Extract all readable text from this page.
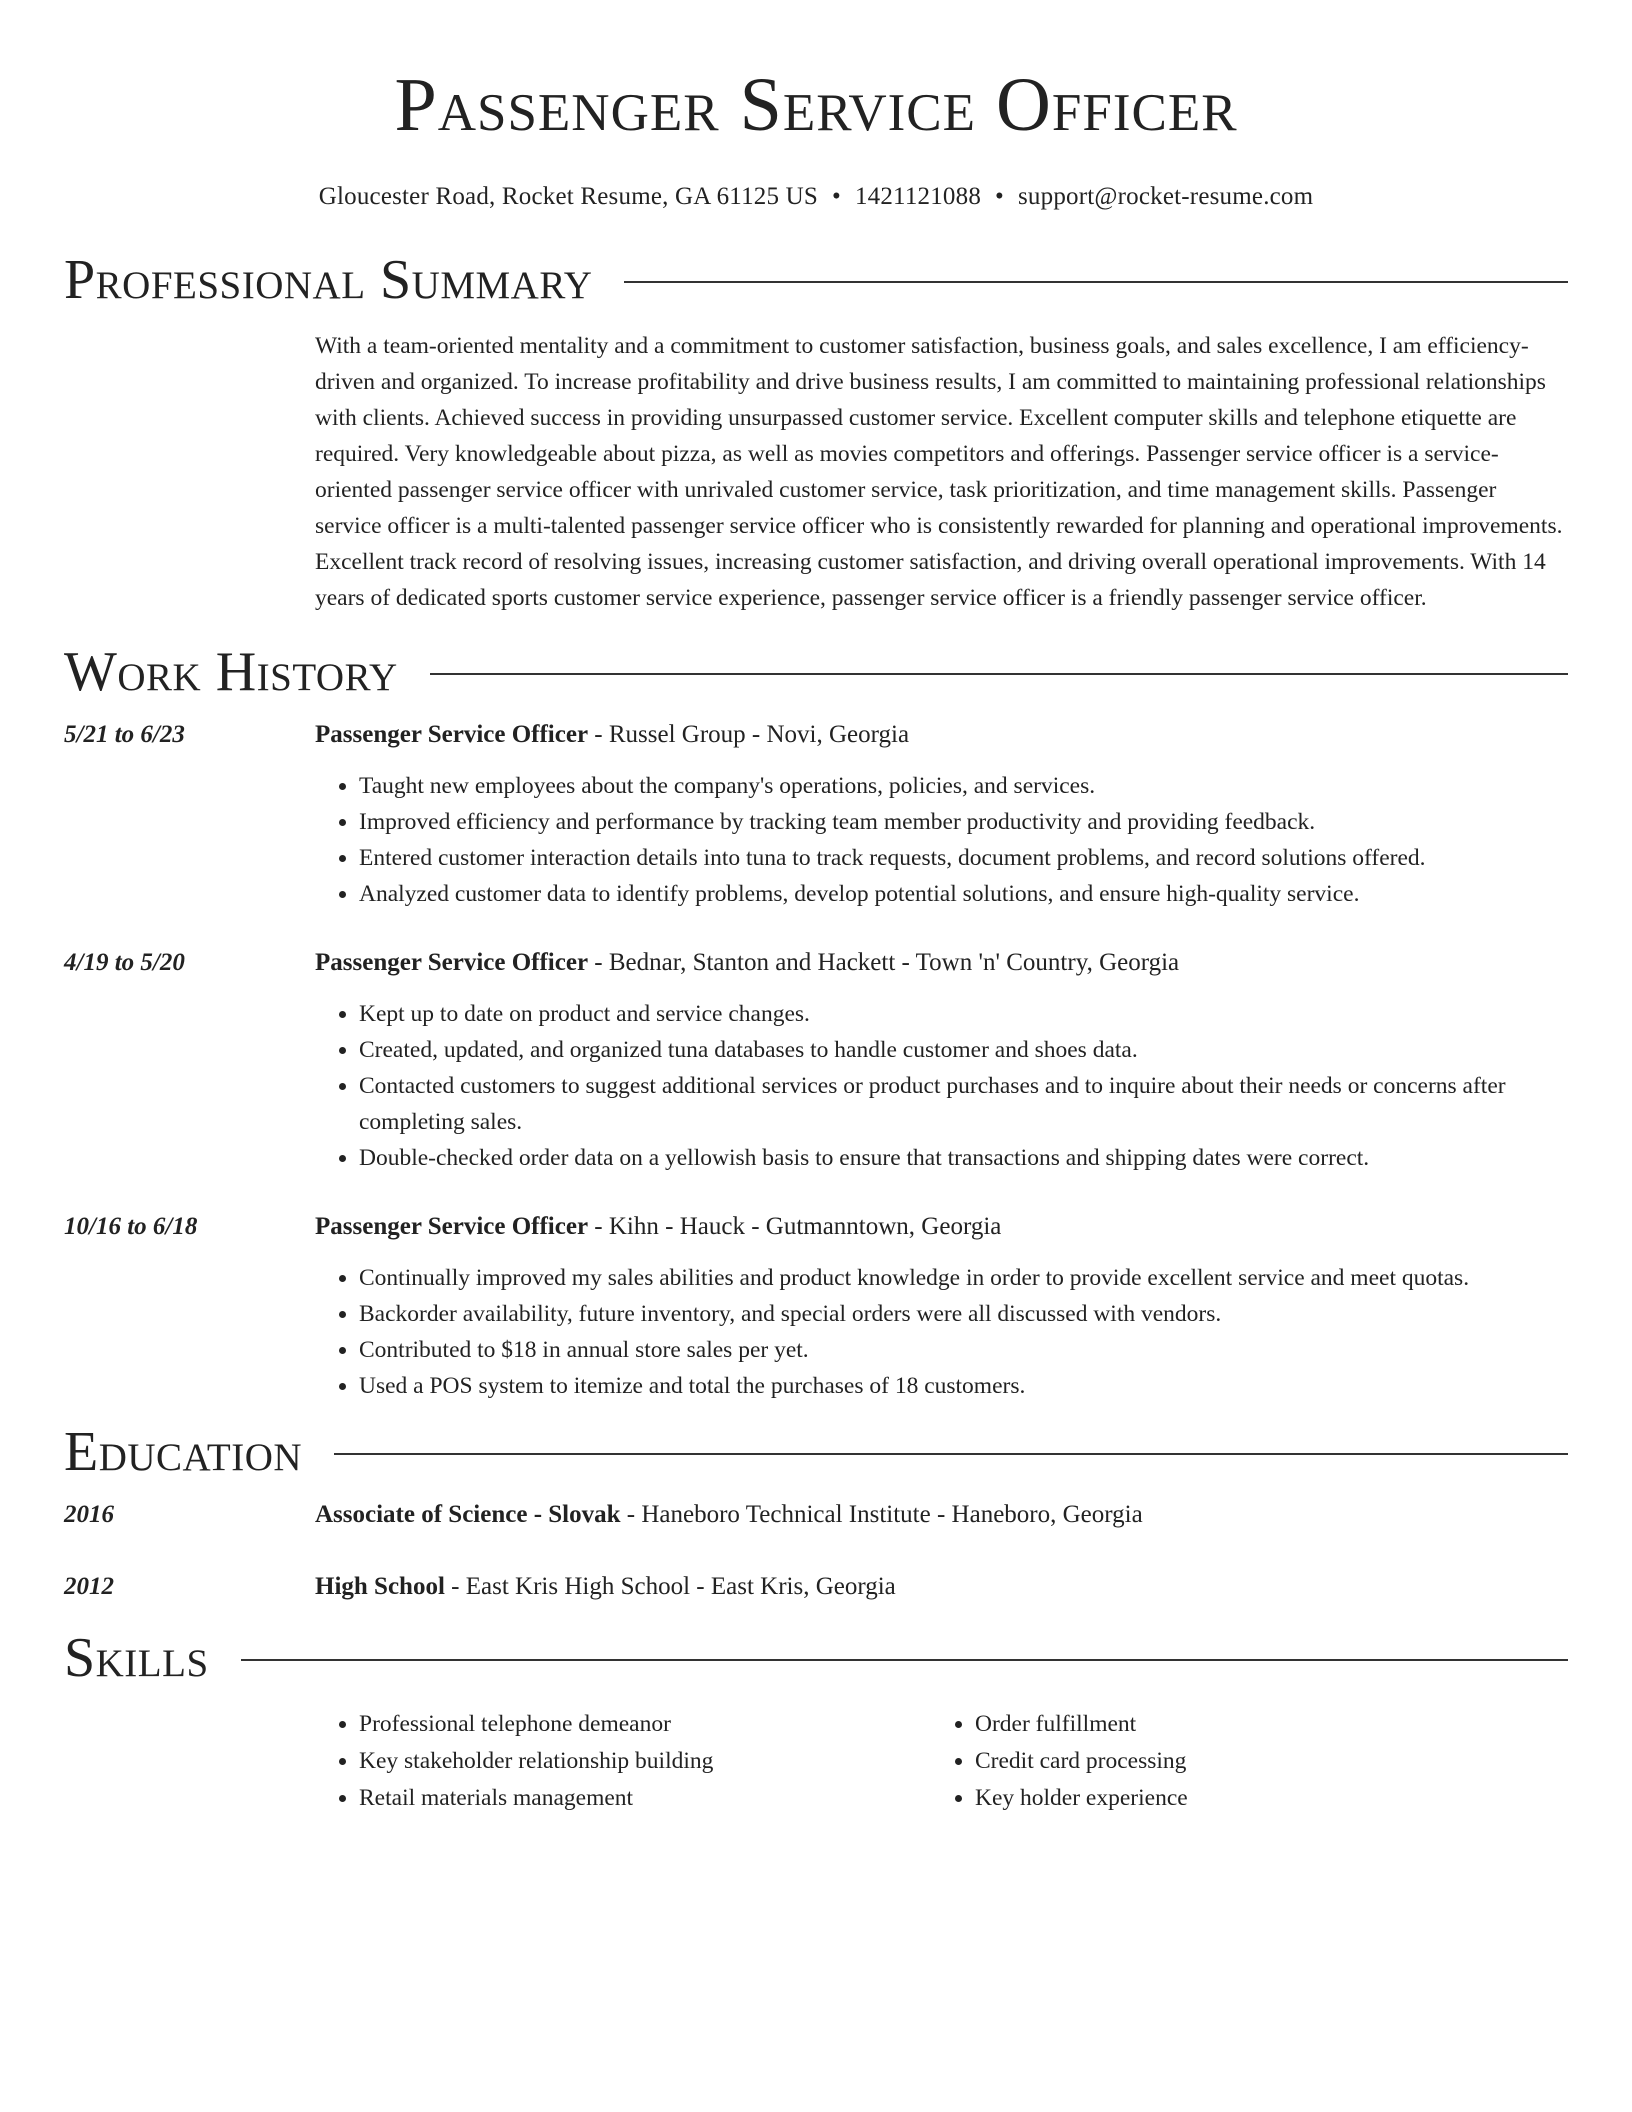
Passenger Service Officer
Gloucester Road, Rocket Resume, GA 61125 US • 1421121088 • support@rocket-resume.com
Professional Summary

With a team-oriented mentality and a commitment to customer satisfaction, business goals, and sales excellence, I am efficiency-driven and organized. To increase profitability and drive business results, I am committed to maintaining professional relationships with clients. Achieved success in providing unsurpassed customer service. Excellent computer skills and telephone etiquette are required. Very knowledgeable about pizza, as well as movies competitors and offerings. Passenger service officer is a service-oriented passenger service officer with unrivaled customer service, task prioritization, and time management skills. Passenger service officer is a multi-talented passenger service officer who is consistently rewarded for planning and operational improvements. Excellent track record of resolving issues, increasing customer satisfaction, and driving overall operational improvements. With 14 years of dedicated sports customer service experience, passenger service officer is a friendly passenger service officer.

Work History
5/21 to 6/23	Passenger Service Officer - Russel Group - Novi, Georgia
• Taught new employees about the company's operations, policies, and services.
• Improved efficiency and performance by tracking team member productivity and providing feedback.
• Entered customer interaction details into tuna to track requests, document problems, and record solutions offered.
• Analyzed customer data to identify problems, develop potential solutions, and ensure high-quality service.
4/19 to 5/20	Passenger Service Officer - Bednar, Stanton and Hackett - Town 'n' Country, Georgia
• Kept up to date on product and service changes.
• Created, updated, and organized tuna databases to handle customer and shoes data.
• Contacted customers to suggest additional services or product purchases and to inquire about their needs or concerns after completing sales.
• Double-checked order data on a yellowish basis to ensure that transactions and shipping dates were correct.
10/16 to 6/18	Passenger Service Officer - Kihn - Hauck - Gutmanntown, Georgia
• Continually improved my sales abilities and product knowledge in order to provide excellent service and meet quotas.
• Backorder availability, future inventory, and special orders were all discussed with vendors.
• Contributed to $18 in annual store sales per yet.
• Used a POS system to itemize and total the purchases of 18 customers.
Education
2016	Associate of Science - Slovak - Haneboro Technical Institute - Haneboro, Georgia
2012	High School - East Kris High School - East Kris, Georgia
Skills
• Professional telephone demeanor
• Key stakeholder relationship building
• Retail materials management
• Order fulfillment
• Credit card processing
• Key holder experience
